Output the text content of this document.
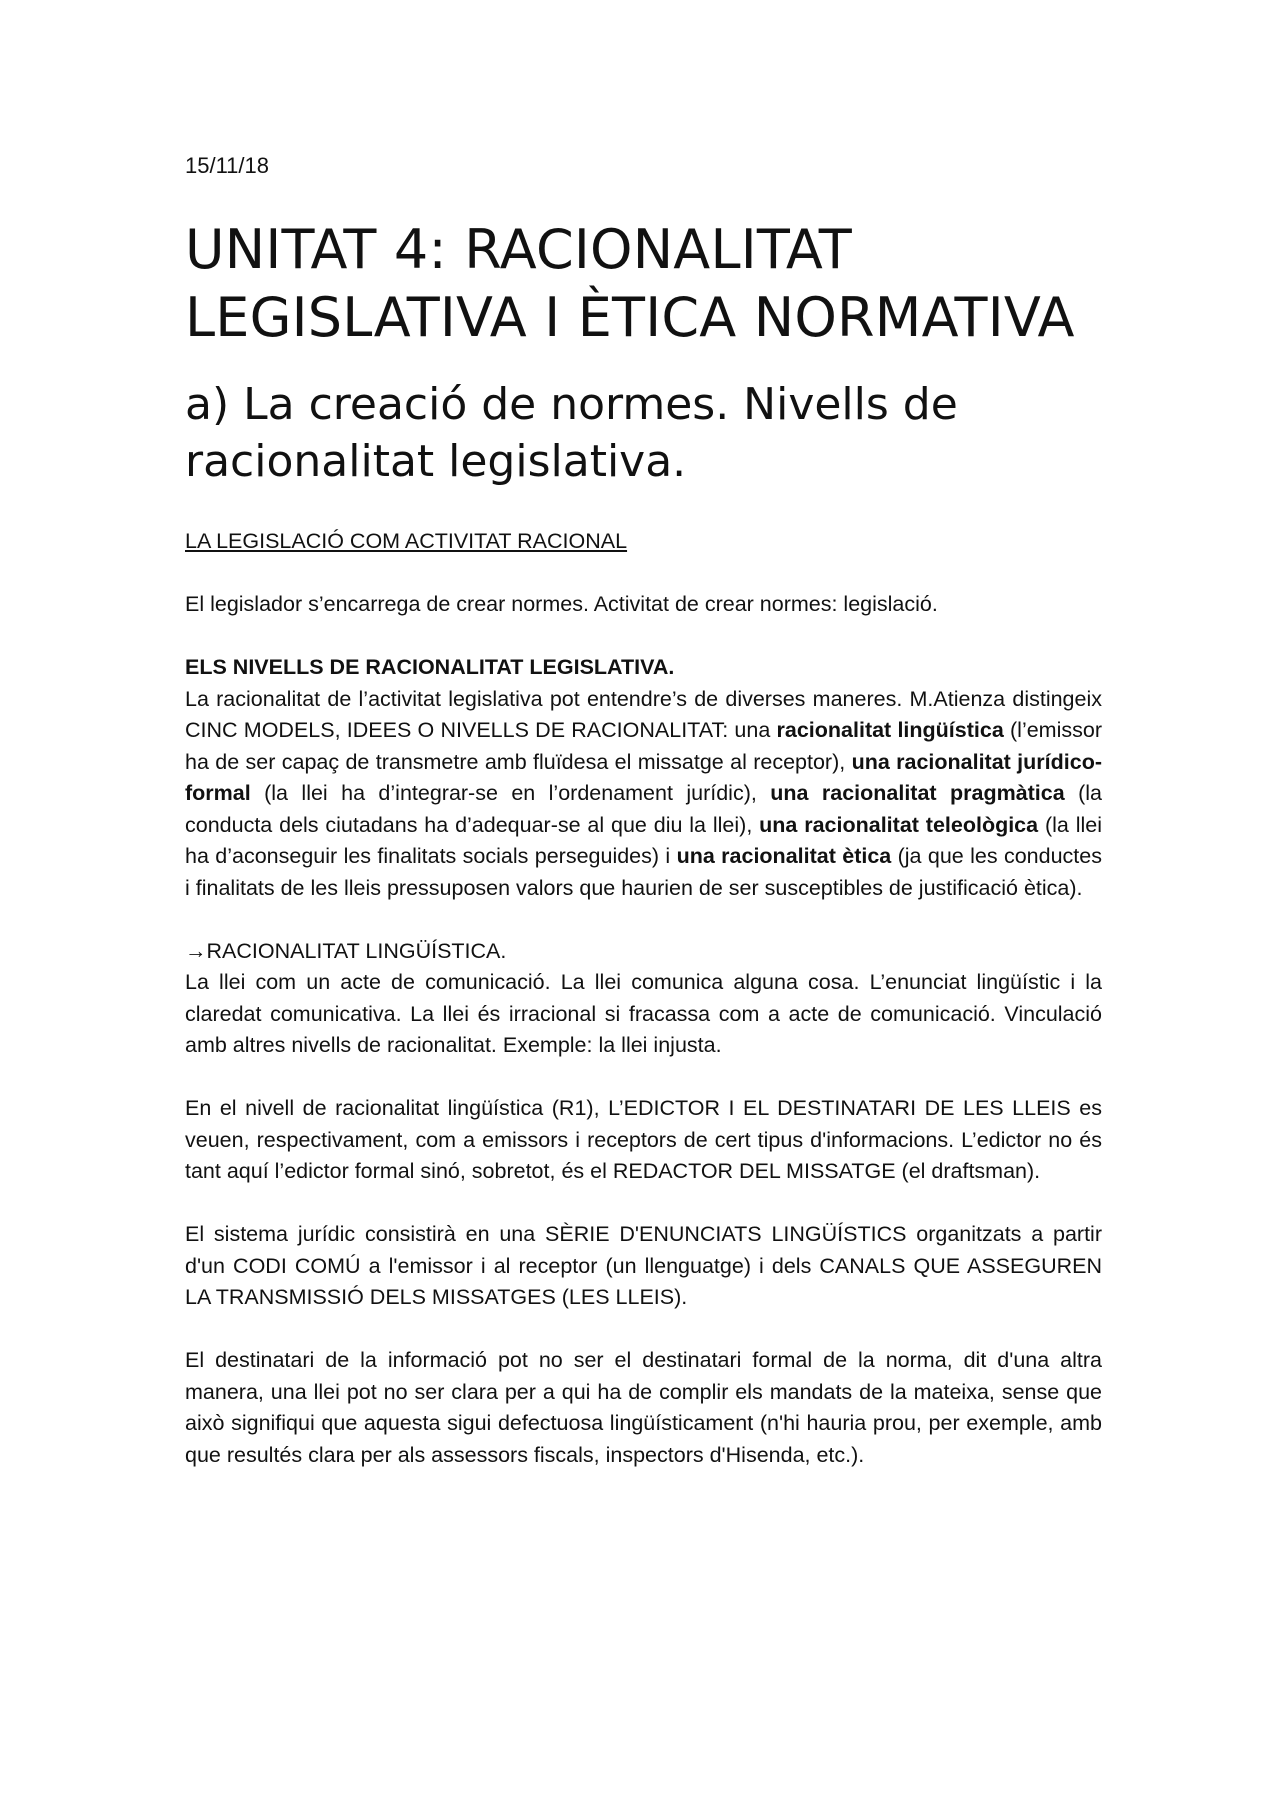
15/11/18
UNITAT 4: RACIONALITAT LEGISLATIVA I ÈTICA NORMATIVA
a) La creació de normes. Nivells de racionalitat legislativa.

LA LEGISLACIÓ COM ACTIVITAT RACIONAL

El legislador s’encarrega de crear normes. Activitat de crear normes: legislació.

ELS NIVELLS DE RACIONALITAT LEGISLATIVA.

La racionalitat de l’activitat legislativa pot entendre’s de diverses maneres. M.Atienza distingeix CINC MODELS, IDEES O NIVELLS DE RACIONALITAT: una racionalitat lingüística (l’emissor ha de ser capaç de transmetre amb fluïdesa el missatge al receptor), una racionalitat jurídico-formal (la llei ha d’integrar-se en l’ordenament jurídic), una racionalitat pragmàtica (la conducta dels ciutadans ha d’adequar-se al que diu la llei), una racionalitat teleològica (la llei ha d’aconseguir les finalitats socials perseguides) i una racionalitat ètica (ja que les conductes i finalitats de les lleis pressuposen valors que haurien de ser susceptibles de justificació ètica).

→RACIONALITAT LINGÜÍSTICA.

La llei com un acte de comunicació. La llei comunica alguna cosa. L’enunciat lingüístic i la claredat comunicativa. La llei és irracional si fracassa com a acte de comunicació. Vinculació amb altres nivells de racionalitat. Exemple: la llei injusta.

En el nivell de racionalitat lingüística (R1), L’EDICTOR I EL DESTINATARI DE LES LLEIS es veuen, respectivament, com a emissors i receptors de cert tipus d'informacions. L’edictor no és tant aquí l’edictor formal sinó, sobretot, és el REDACTOR DEL MISSATGE (el draftsman).

El sistema jurídic consistirà en una SÈRIE D'ENUNCIATS LINGÜÍSTICS organitzats a partir d'un CODI COMÚ a l'emissor i al receptor (un llenguatge) i dels CANALS QUE ASSEGUREN LA TRANSMISSIÓ DELS MISSATGES (LES LLEIS).

El destinatari de la informació pot no ser el destinatari formal de la norma, dit d'una altra manera, una llei pot no ser clara per a qui ha de complir els mandats de la mateixa, sense que això signifiqui que aquesta sigui defectuosa lingüísticament (n'hi hauria prou, per exemple, amb que resultés clara per als assessors fiscals, inspectors d'Hisenda, etc.).
